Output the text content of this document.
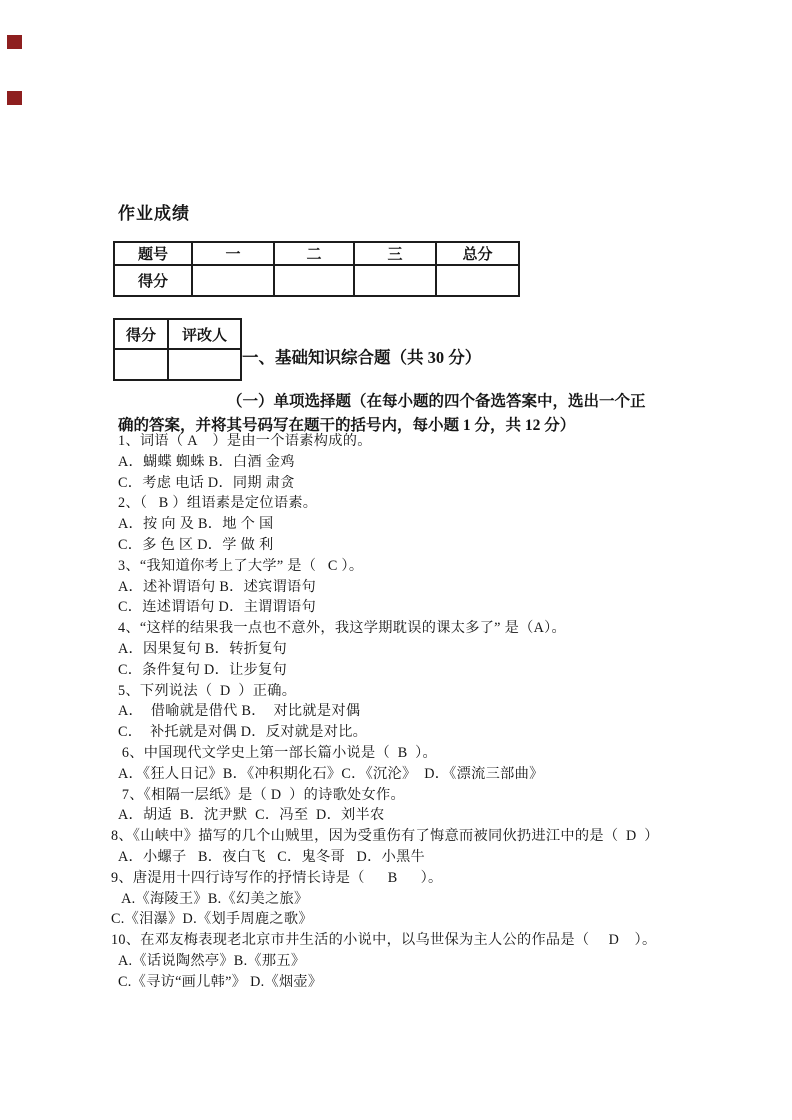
作业成绩
题号	一	二	三	总分
得分				
得分	评改人

一、基础知识综合题（共 30 分）
（一）单项选择题（在每小题的四个备选答案中，选出一个正
确的答案，并将其号码写在题干的括号内，每小题 1 分，共 12 分）
1、词语（ A    ）是由一个语素构成的。
A．蝴蝶 蜘蛛 B．白酒 金鸡
C．考虑 电话 D．同期 肃贪
2、（   B ）组语素是定位语素。
A．按 向 及 B．地 个 国
C．多 色 区 D．学 做 利
3、“我知道你考上了大学” 是（   C ）。
A．述补谓语句 B．述宾谓语句
C．连述谓语句 D．主谓谓语句
4、“这样的结果我一点也不意外，我这学期耽误的课太多了” 是（A）。
A．因果复句 B．转折复句
C．条件复句 D．让步复句
5、下列说法（  D  ）正确。
A．  借喻就是借代 B．  对比就是对偶
C．  补托就是对偶 D．反对就是对比。
6、中国现代文学史上第一部长篇小说是（  B  ）。
A．《狂人日记》B．《冲积期化石》C．《沉沦》  D．《漂流三部曲》
7、《相隔一层纸》是（ D  ）的诗歌处女作。
A．胡适  B．沈尹默  C．冯至  D．刘半农
8、《山峡中》描写的几个山贼里，因为受重伤有了悔意而被同伙扔进江中的是（  D  ）
A．小螺子   B．夜白飞   C．鬼冬哥   D．小黑牛
9、唐湜用十四行诗写作的抒情长诗是（      B      ）。
A.《海陵王》B.《幻美之旅》
C.《泪瀑》D.《划手周鹿之歌》
10、在邓友梅表现老北京市井生活的小说中，以乌世保为主人公的作品是（     D    ）。
A.《话说陶然亭》B.《那五》
C.《寻访“画儿韩”》 D.《烟壶》
